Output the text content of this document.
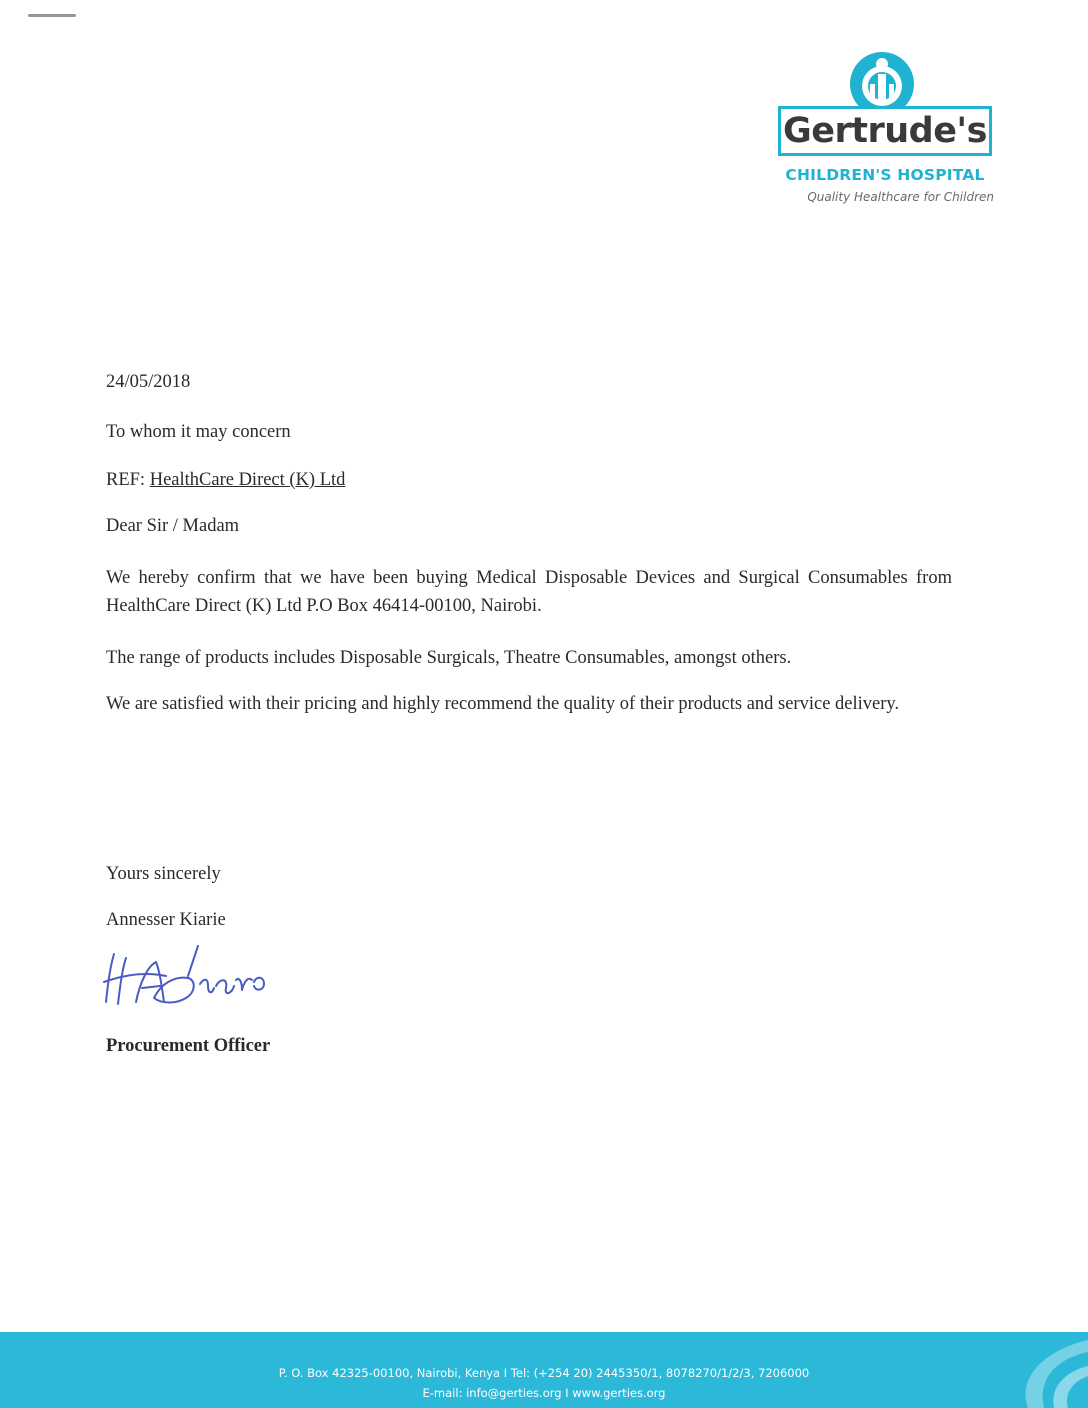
Gertrude's
CHILDREN'S HOSPITAL
Quality Healthcare for Children
24/05/2018
To whom it may concern
REF: HealthCare Direct (K) Ltd
Dear Sir / Madam
We hereby confirm that we have been buying Medical Disposable Devices and Surgical Consumables from HealthCare Direct (K) Ltd P.O Box 46414-00100, Nairobi.
The range of products includes Disposable Surgicals, Theatre Consumables, amongst others.
We are satisfied with their pricing and highly recommend the quality of their products and service delivery.
Yours sincerely
Annesser Kiarie
Procurement Officer
P. O. Box 42325-00100, Nairobi, Kenya I Tel: (+254 20) 2445350/1, 8078270/1/2/3, 7206000
E-mail: info@gerties.org I www.gerties.org
